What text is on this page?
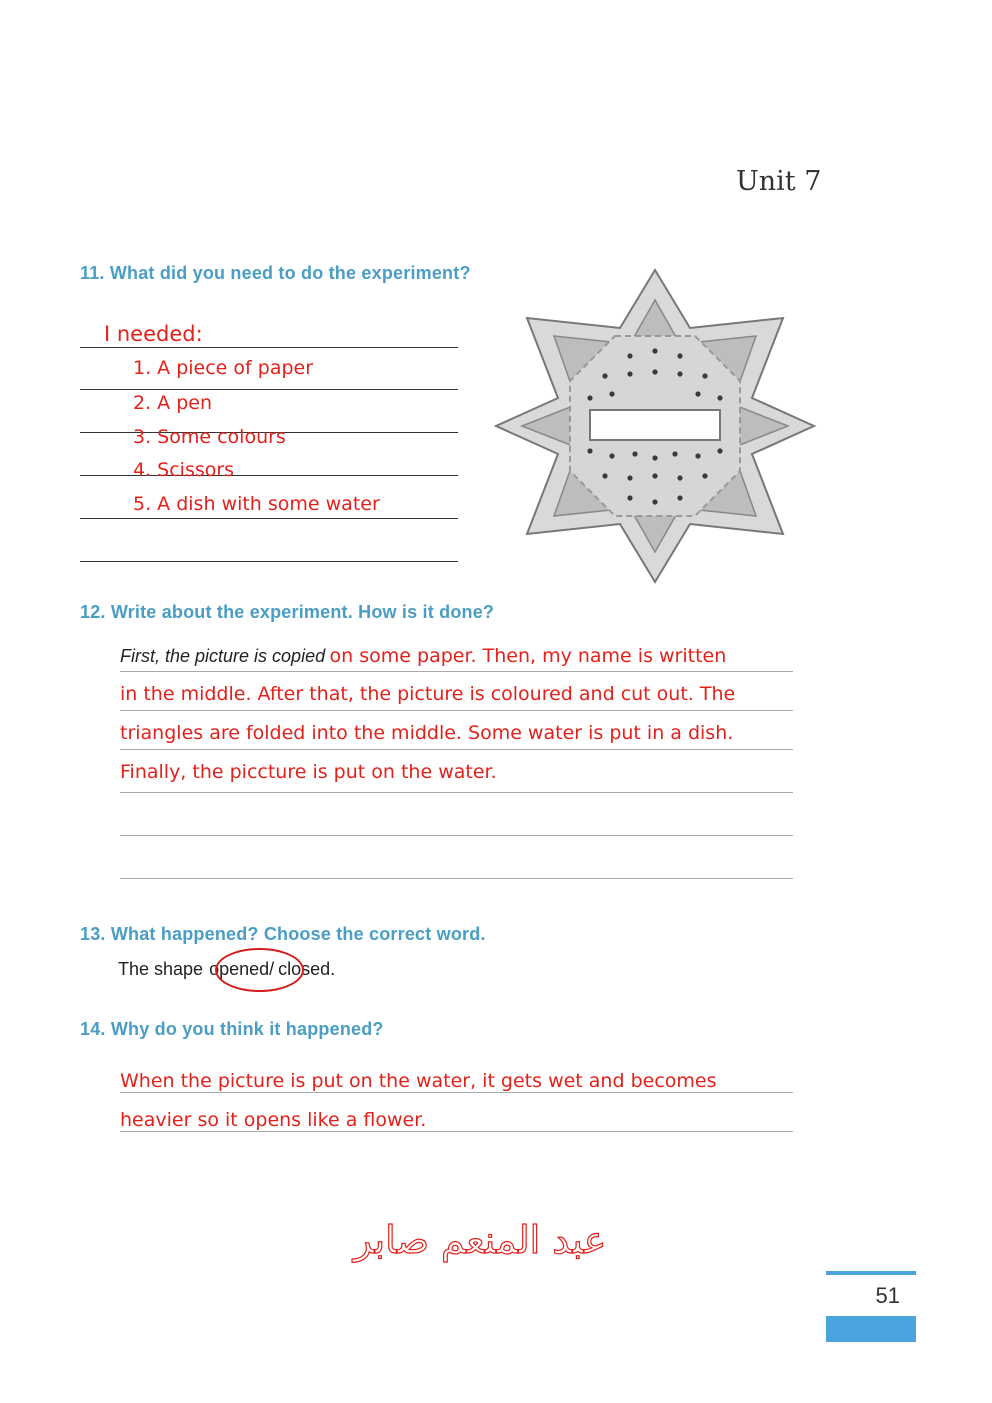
Unit 7
11. What did you need to do the experiment?
I needed:
1. A piece of paper
2. A pen
3. Some colours
4. Scissors
5. A dish with some water
12. Write about the experiment. How is it done?
First, the picture is copied on some paper. Then, my name is written
in the middle. After that, the picture is coloured and cut out. The
triangles are folded into the middle. Some water is put in a dish.
Finally, the piccture is put on the water.
13. What happened? Choose the correct word.
The shape opened/ closed.
14. Why do you think it happened?
When the picture is put on the water, it gets wet and becomes
heavier so it opens like a flower.
عبد المنعم صابر
51
